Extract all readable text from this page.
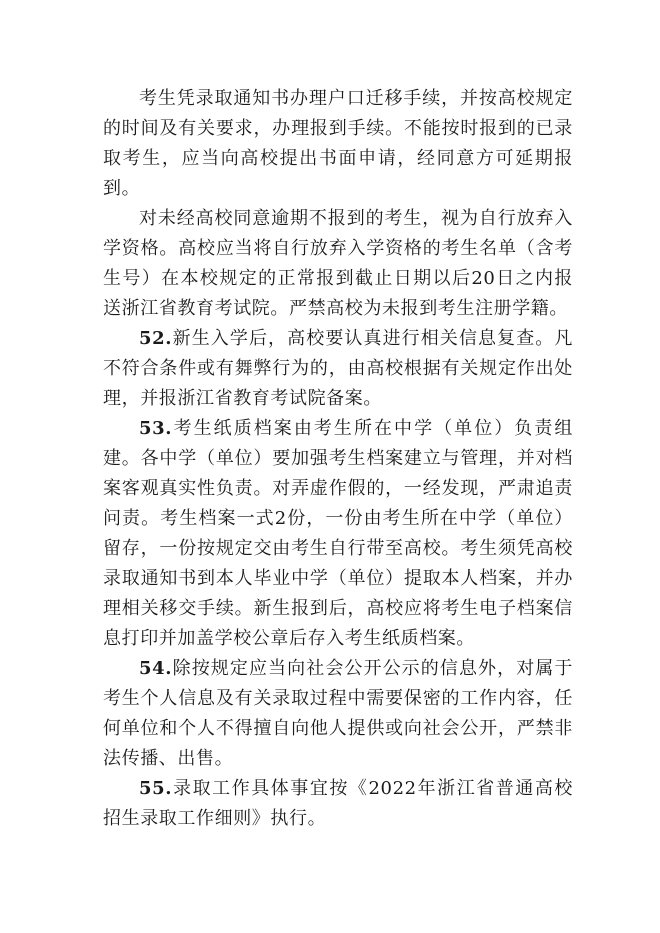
考生凭录取通知书办理户口迁移手续，并按高校规定的时间及有关要求，办理报到手续。不能按时报到的已录取考生，应当向高校提出书面申请，经同意方可延期报到。

对未经高校同意逾期不报到的考生，视为自行放弃入学资格。高校应当将自行放弃入学资格的考生名单（含考生号）在本校规定的正常报到截止日期以后20日之内报送浙江省教育考试院。严禁高校为未报到考生注册学籍。

52.新生入学后，高校要认真进行相关信息复查。凡不符合条件或有舞弊行为的，由高校根据有关规定作出处理，并报浙江省教育考试院备案。

53.考生纸质档案由考生所在中学（单位）负责组建。各中学（单位）要加强考生档案建立与管理，并对档案客观真实性负责。对弄虚作假的，一经发现，严肃追责问责。考生档案一式2份，一份由考生所在中学（单位）留存，一份按规定交由考生自行带至高校。考生须凭高校录取通知书到本人毕业中学（单位）提取本人档案，并办理相关移交手续。新生报到后，高校应将考生电子档案信息打印并加盖学校公章后存入考生纸质档案。

54.除按规定应当向社会公开公示的信息外，对属于考生个人信息及有关录取过程中需要保密的工作内容，任何单位和个人不得擅自向他人提供或向社会公开，严禁非法传播、出售。

55.录取工作具体事宜按《2022年浙江省普通高校招生录取工作细则》执行。
